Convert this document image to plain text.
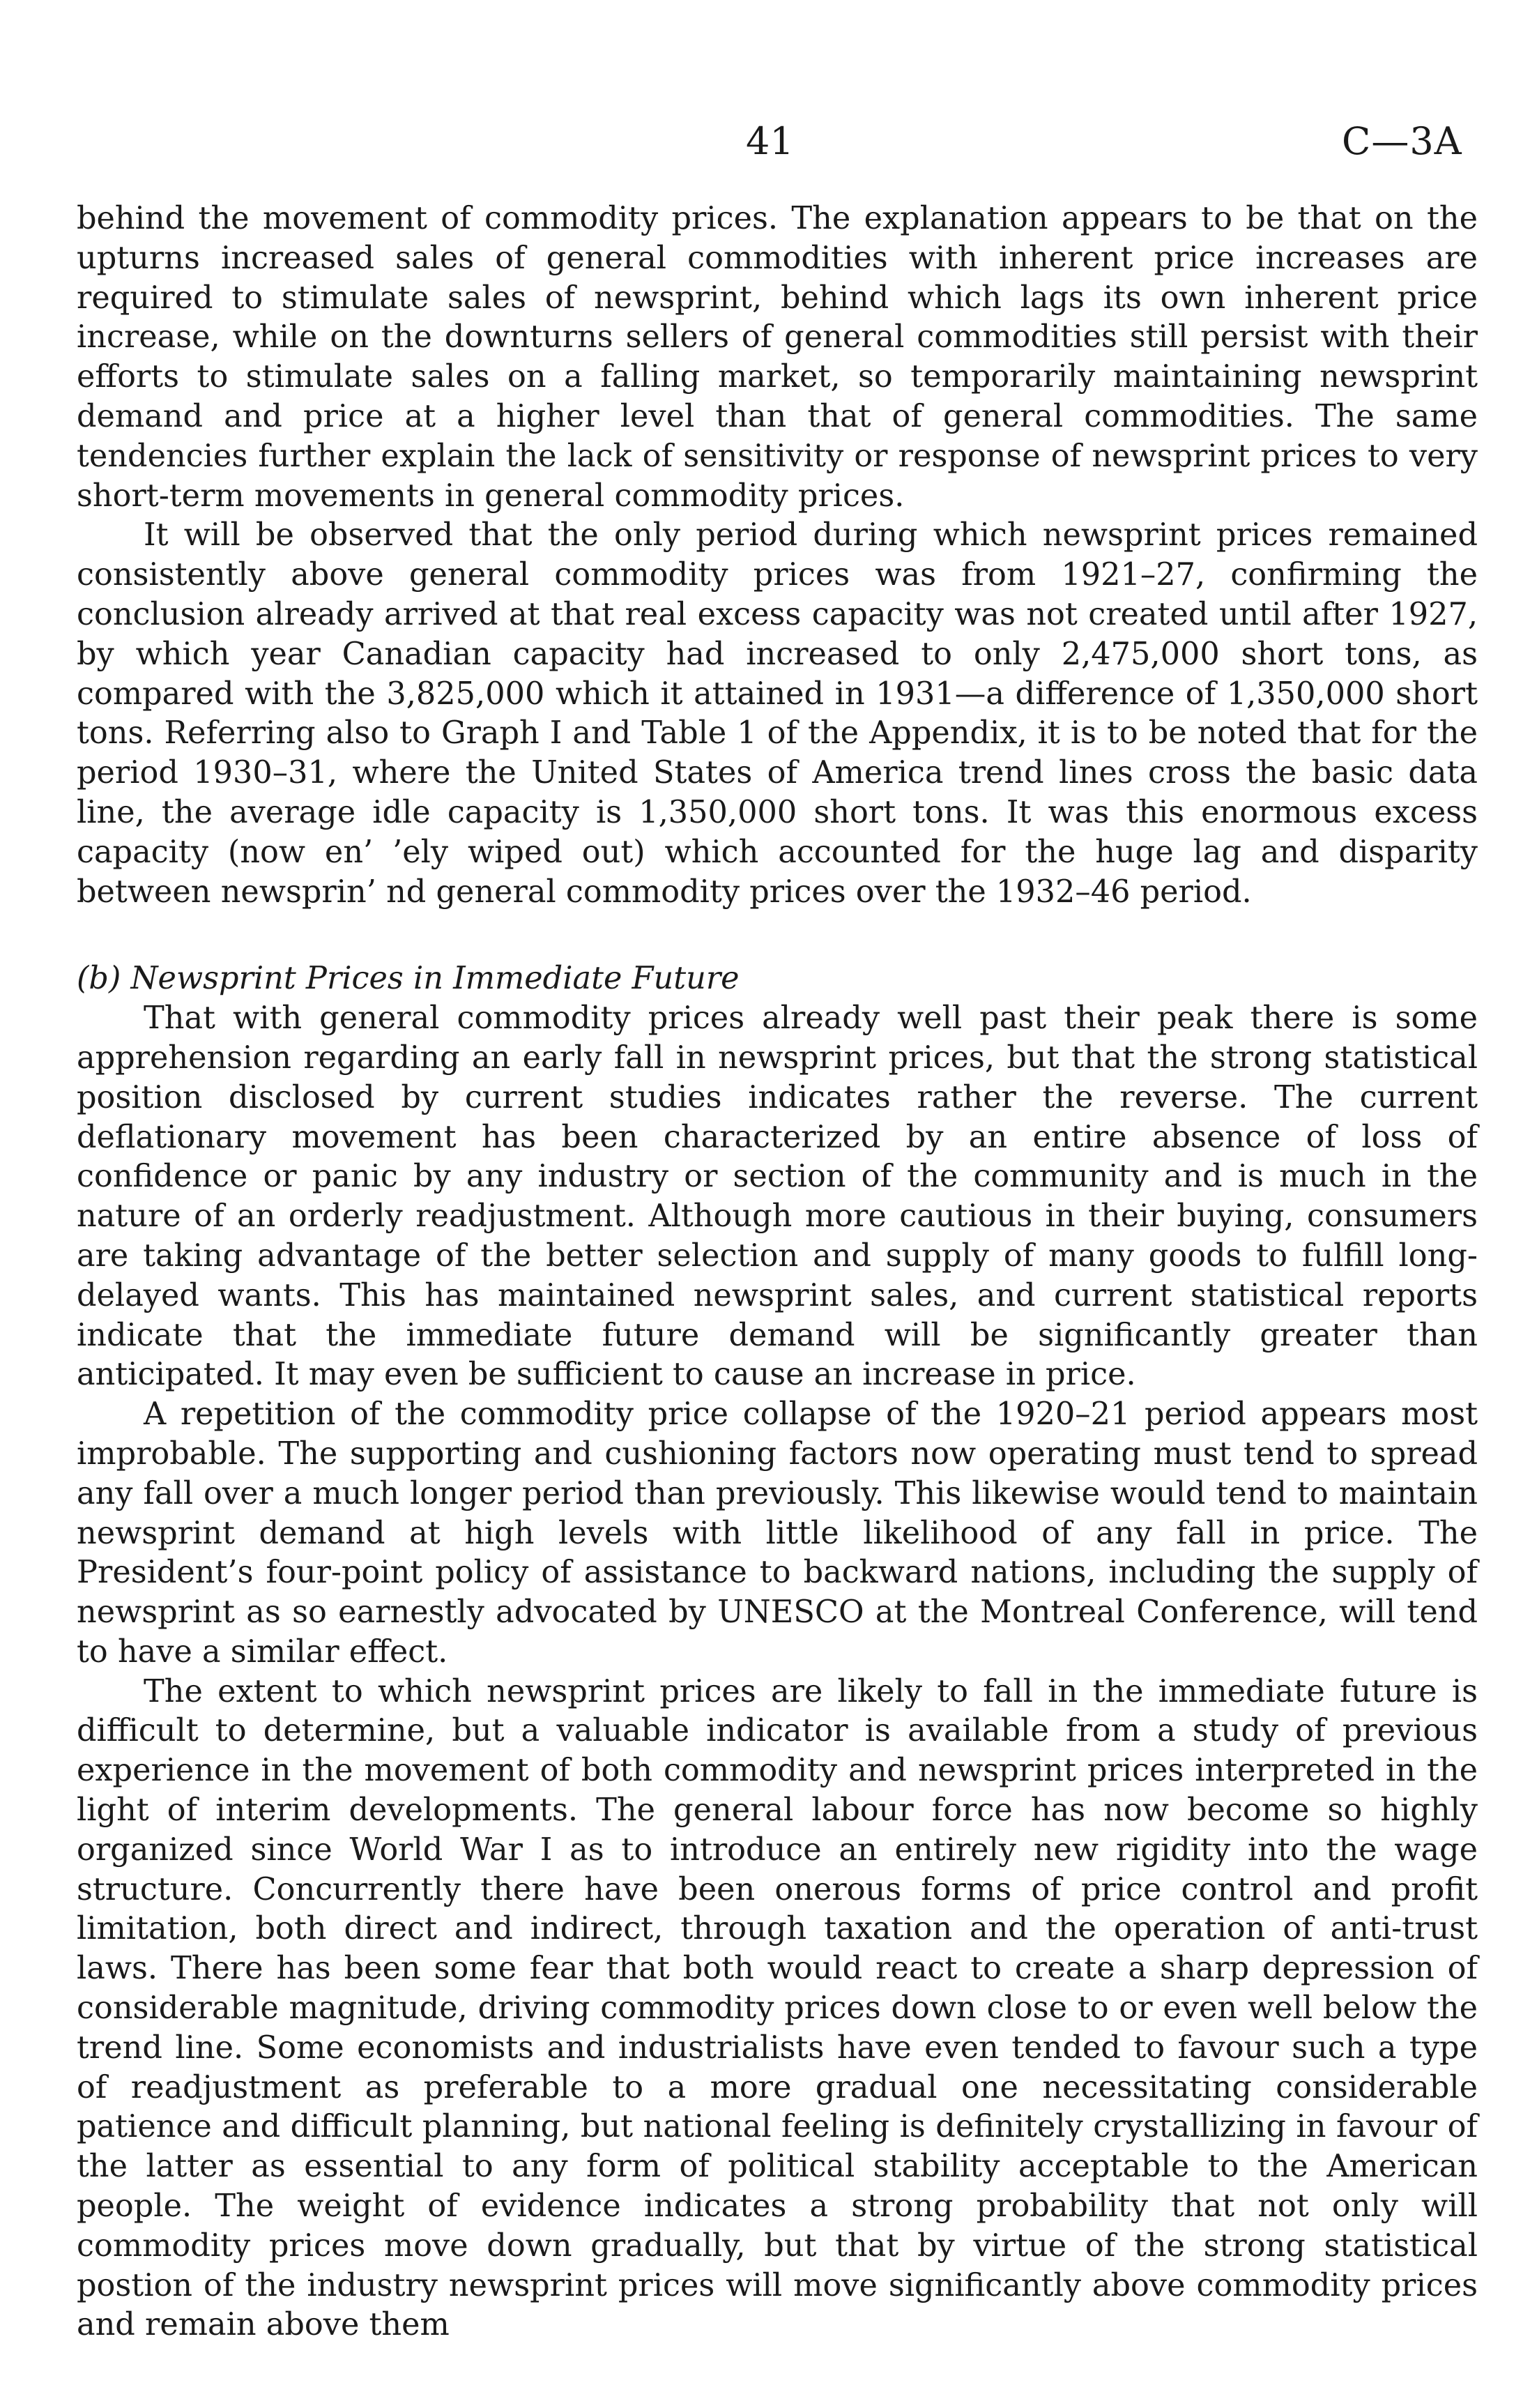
41	C—3A

behind the movement of commodity prices. The explanation appears to be that on the upturns increased sales of general commodities with inherent price increases are required to stimulate sales of newsprint, behind which lags its own inherent price increase, while on the downturns sellers of general commodities still persist with their efforts to stimulate sales on a falling market, so temporarily maintaining newsprint demand and price at a higher level than that of general commodities. The same tendencies further explain the lack of sensitivity or response of newsprint prices to very short-term movements in general commodity prices.

It will be observed that the only period during which newsprint prices remained consistently above general commodity prices was from 1921–27, confirming the conclusion already arrived at that real excess capacity was not created until after 1927, by which year Canadian capacity had increased to only 2,475,000 short tons, as compared with the 3,825,000 which it attained in 1931—a difference of 1,350,000 short tons. Referring also to Graph I and Table 1 of the Appendix, it is to be noted that for the period 1930–31, where the United States of America trend lines cross the basic data line, the average idle capacity is 1,350,000 short tons. It was this enormous excess capacity (now en’ ’ely wiped out) which accounted for the huge lag and disparity between newsprin’ nd general commodity prices over the 1932–46 period.

(b) Newsprint Prices in Immediate Future

That with general commodity prices already well past their peak there is some apprehension regarding an early fall in newsprint prices, but that the strong statistical position disclosed by current studies indicates rather the reverse. The current deflationary movement has been characterized by an entire absence of loss of confidence or panic by any industry or section of the community and is much in the nature of an orderly readjustment. Although more cautious in their buying, consumers are taking advantage of the better selection and supply of many goods to fulfill long-delayed wants. This has maintained newsprint sales, and current statistical reports indicate that the immediate future demand will be significantly greater than anticipated. It may even be sufficient to cause an increase in price.

A repetition of the commodity price collapse of the 1920–21 period appears most improbable. The supporting and cushioning factors now operating must tend to spread any fall over a much longer period than previously. This likewise would tend to maintain newsprint demand at high levels with little likelihood of any fall in price. The President’s four-point policy of assistance to backward nations, including the supply of newsprint as so earnestly advocated by UNESCO at the Montreal Conference, will tend to have a similar effect.

The extent to which newsprint prices are likely to fall in the immediate future is difficult to determine, but a valuable indicator is available from a study of previous experience in the movement of both commodity and newsprint prices interpreted in the light of interim developments. The general labour force has now become so highly organized since World War I as to introduce an entirely new rigidity into the wage structure. Concurrently there have been onerous forms of price control and profit limitation, both direct and indirect, through taxation and the operation of anti-trust laws. There has been some fear that both would react to create a sharp depression of considerable magnitude, driving commodity prices down close to or even well below the trend line. Some economists and industrialists have even tended to favour such a type of readjustment as preferable to a more gradual one necessitating considerable patience and difficult planning, but national feeling is definitely crystallizing in favour of the latter as essential to any form of political stability acceptable to the American people. The weight of evidence indicates a strong probability that not only will commodity prices move down gradually, but that by virtue of the strong statistical postion of the industry newsprint prices will move significantly above commodity prices and remain above them
